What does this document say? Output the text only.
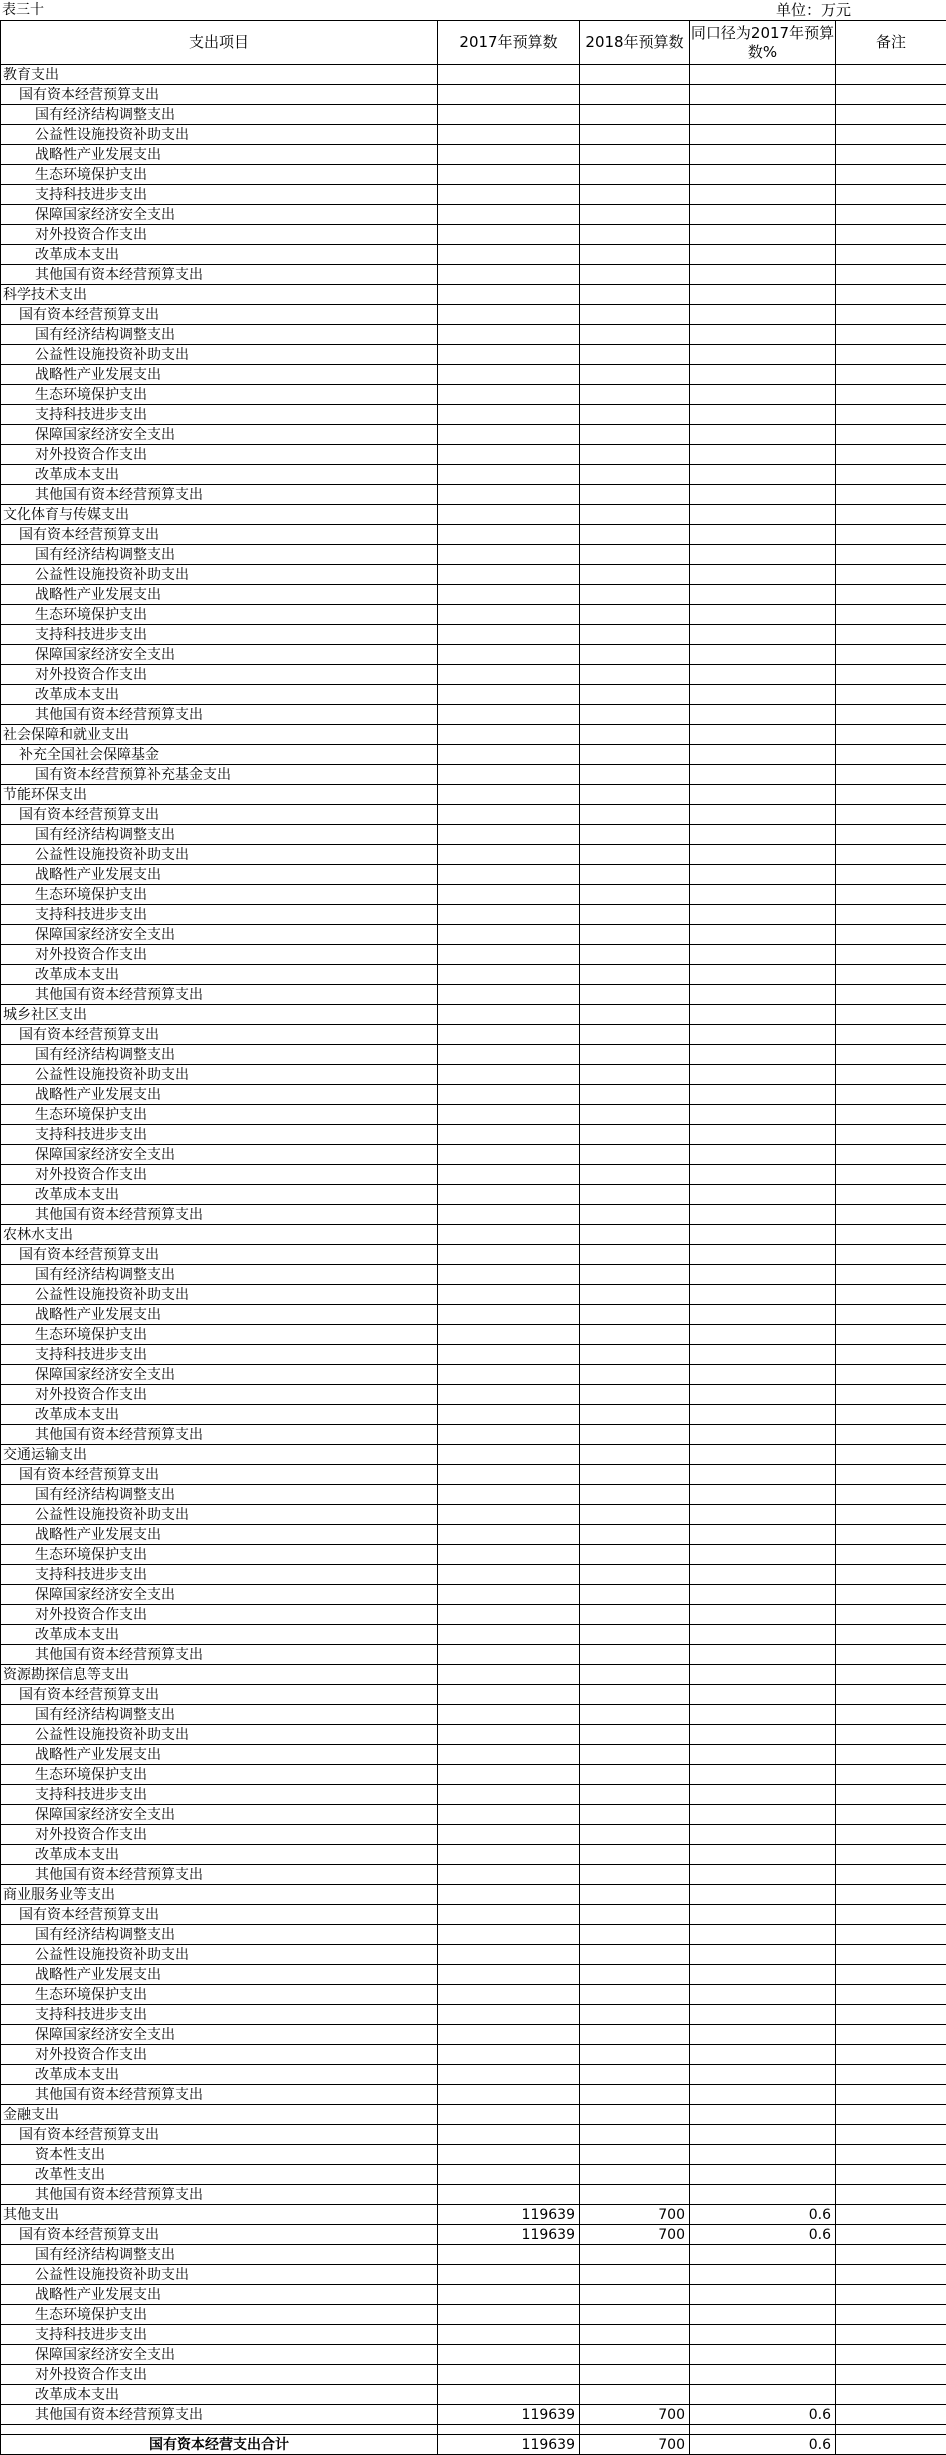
表三十	单位：万元
支出项目	2017年预算数	2018年预算数	同口径为2017年预算数%	备注
教育支出				
国有资本经营预算支出				
国有经济结构调整支出				
公益性设施投资补助支出				
战略性产业发展支出				
生态环境保护支出				
支持科技进步支出				
保障国家经济安全支出				
对外投资合作支出				
改革成本支出				
其他国有资本经营预算支出				
科学技术支出				
国有资本经营预算支出				
国有经济结构调整支出				
公益性设施投资补助支出				
战略性产业发展支出				
生态环境保护支出				
支持科技进步支出				
保障国家经济安全支出				
对外投资合作支出				
改革成本支出				
其他国有资本经营预算支出				
文化体育与传媒支出				
国有资本经营预算支出				
国有经济结构调整支出				
公益性设施投资补助支出				
战略性产业发展支出				
生态环境保护支出				
支持科技进步支出				
保障国家经济安全支出				
对外投资合作支出				
改革成本支出				
其他国有资本经营预算支出				
社会保障和就业支出				
补充全国社会保障基金				
国有资本经营预算补充基金支出				
节能环保支出				
国有资本经营预算支出				
国有经济结构调整支出				
公益性设施投资补助支出				
战略性产业发展支出				
生态环境保护支出				
支持科技进步支出				
保障国家经济安全支出				
对外投资合作支出				
改革成本支出				
其他国有资本经营预算支出				
城乡社区支出				
国有资本经营预算支出				
国有经济结构调整支出				
公益性设施投资补助支出				
战略性产业发展支出				
生态环境保护支出				
支持科技进步支出				
保障国家经济安全支出				
对外投资合作支出				
改革成本支出				
其他国有资本经营预算支出				
农林水支出				
国有资本经营预算支出				
国有经济结构调整支出				
公益性设施投资补助支出				
战略性产业发展支出				
生态环境保护支出				
支持科技进步支出				
保障国家经济安全支出				
对外投资合作支出				
改革成本支出				
其他国有资本经营预算支出				
交通运输支出				
国有资本经营预算支出				
国有经济结构调整支出				
公益性设施投资补助支出				
战略性产业发展支出				
生态环境保护支出				
支持科技进步支出				
保障国家经济安全支出				
对外投资合作支出				
改革成本支出				
其他国有资本经营预算支出				
资源勘探信息等支出				
国有资本经营预算支出				
国有经济结构调整支出				
公益性设施投资补助支出				
战略性产业发展支出				
生态环境保护支出				
支持科技进步支出				
保障国家经济安全支出				
对外投资合作支出				
改革成本支出				
其他国有资本经营预算支出				
商业服务业等支出				
国有资本经营预算支出				
国有经济结构调整支出				
公益性设施投资补助支出				
战略性产业发展支出				
生态环境保护支出				
支持科技进步支出				
保障国家经济安全支出				
对外投资合作支出				
改革成本支出				
其他国有资本经营预算支出				
金融支出				
国有资本经营预算支出				
资本性支出				
改革性支出				
其他国有资本经营预算支出				
其他支出	119639	700	0.6	
国有资本经营预算支出	119639	700	0.6	
国有经济结构调整支出				
公益性设施投资补助支出				
战略性产业发展支出				
生态环境保护支出				
支持科技进步支出				
保障国家经济安全支出				
对外投资合作支出				
改革成本支出				
其他国有资本经营预算支出	119639	700	0.6	

国有资本经营支出合计	119639	700	0.6	
